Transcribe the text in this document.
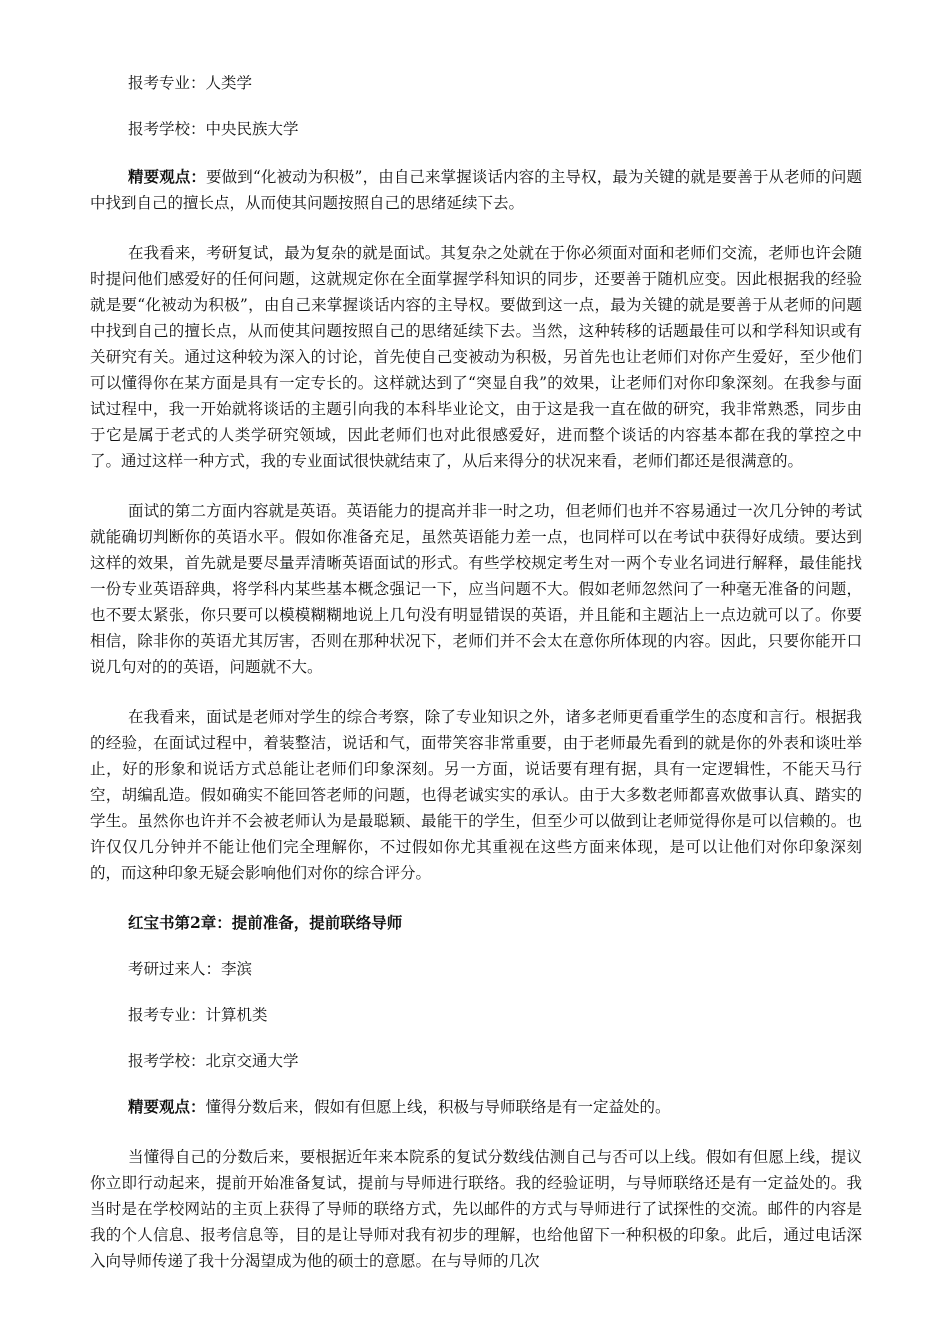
报考专业：人类学
报考学校：中央民族大学
精要观点：要做到“化被动为积极”，由自己来掌握谈话内容的主导权，最为关键的就是要善于从老师的问题中找到自己的擅长点，从而使其问题按照自己的思绪延续下去。
在我看来，考研复试，最为复杂的就是面试。其复杂之处就在于你必须面对面和老师们交流，老师也许会随时提问他们感爱好的任何问题，这就规定你在全面掌握学科知识的同步，还要善于随机应变。因此根据我的经验就是要“化被动为积极”，由自己来掌握谈话内容的主导权。要做到这一点，最为关键的就是要善于从老师的问题中找到自己的擅长点，从而使其问题按照自己的思绪延续下去。当然，这种转移的话题最佳可以和学科知识或有关研究有关。通过这种较为深入的讨论，首先使自己变被动为积极，另首先也让老师们对你产生爱好，至少他们可以懂得你在某方面是具有一定专长的。这样就达到了“突显自我”的效果，让老师们对你印象深刻。在我参与面试过程中，我一开始就将谈话的主题引向我的本科毕业论文，由于这是我一直在做的研究，我非常熟悉，同步由于它是属于老式的人类学研究领域，因此老师们也对此很感爱好，进而整个谈话的内容基本都在我的掌控之中了。通过这样一种方式，我的专业面试很快就结束了，从后来得分的状况来看，老师们都还是很满意的。
面试的第二方面内容就是英语。英语能力的提高并非一时之功，但老师们也并不容易通过一次几分钟的考试就能确切判断你的英语水平。假如你准备充足，虽然英语能力差一点，也同样可以在考试中获得好成绩。要达到这样的效果，首先就是要尽量弄清晰英语面试的形式。有些学校规定考生对一两个专业名词进行解释，最佳能找一份专业英语辞典，将学科内某些基本概念强记一下，应当问题不大。假如老师忽然问了一种毫无准备的问题，也不要太紧张，你只要可以模模糊糊地说上几句没有明显错误的英语，并且能和主题沾上一点边就可以了。你要相信，除非你的英语尤其厉害，否则在那种状况下，老师们并不会太在意你所体现的内容。因此，只要你能开口说几句对的的英语，问题就不大。
在我看来，面试是老师对学生的综合考察，除了专业知识之外，诸多老师更看重学生的态度和言行。根据我的经验，在面试过程中，着装整洁，说话和气，面带笑容非常重要，由于老师最先看到的就是你的外表和谈吐举止，好的形象和说话方式总能让老师们印象深刻。另一方面，说话要有理有据，具有一定逻辑性，不能天马行空，胡编乱造。假如确实不能回答老师的问题，也得老诚实实的承认。由于大多数老师都喜欢做事认真、踏实的学生。虽然你也许并不会被老师认为是最聪颖、最能干的学生，但至少可以做到让老师觉得你是可以信赖的。也许仅仅几分钟并不能让他们完全理解你，不过假如你尤其重视在这些方面来体现，是可以让他们对你印象深刻的，而这种印象无疑会影响他们对你的综合评分。
红宝书第2章：提前准备，提前联络导师
考研过来人：李滨
报考专业：计算机类
报考学校：北京交通大学
精要观点：懂得分数后来，假如有但愿上线，积极与导师联络是有一定益处的。
当懂得自己的分数后来，要根据近年来本院系的复试分数线估测自己与否可以上线。假如有但愿上线，提议你立即行动起来，提前开始准备复试，提前与导师进行联络。我的经验证明，与导师联络还是有一定益处的。我当时是在学校网站的主页上获得了导师的联络方式，先以邮件的方式与导师进行了试探性的交流。邮件的内容是我的个人信息、报考信息等，目的是让导师对我有初步的理解，也给他留下一种积极的印象。此后，通过电话深入向导师传递了我十分渴望成为他的硕士的意愿。在与导师的几次
